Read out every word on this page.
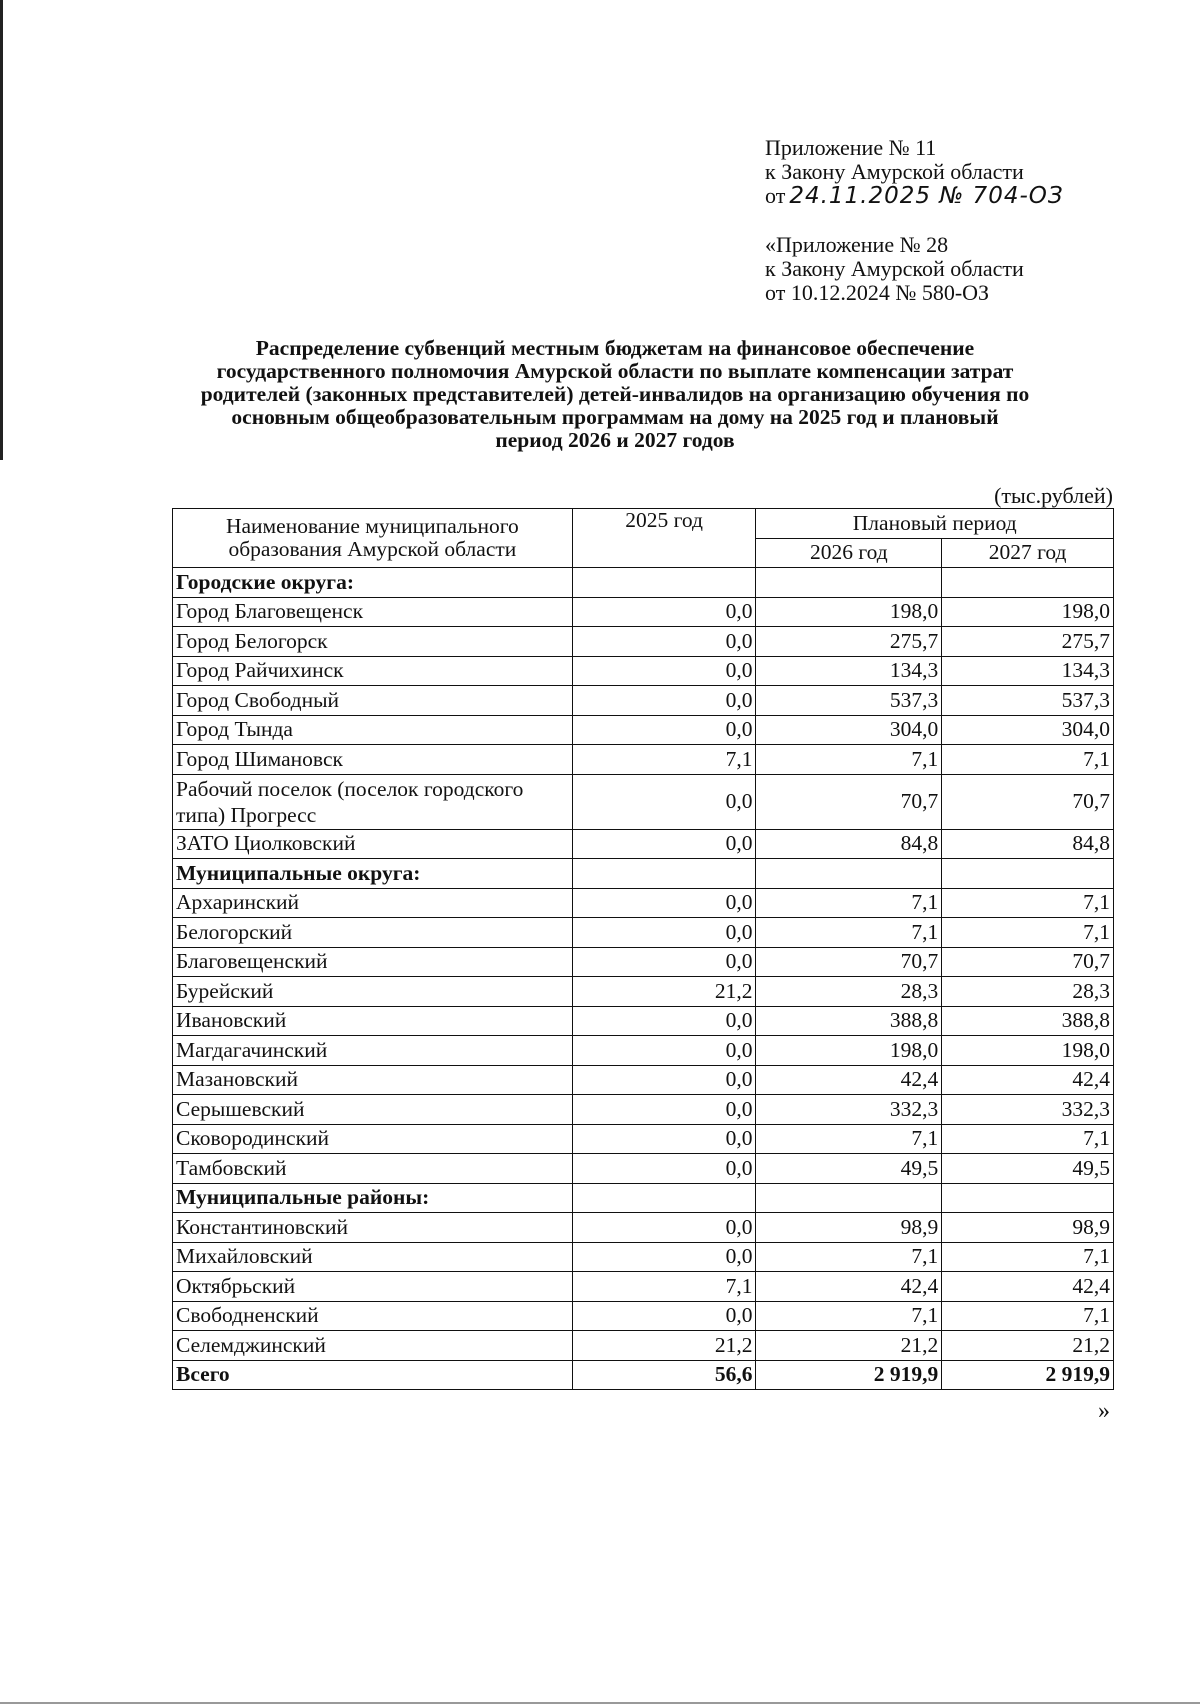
Приложение № 11
к Закону Амурской области
от 24.11.2025 № 704-ОЗ
«Приложение № 28
к Закону Амурской области
от 10.12.2024 № 580-ОЗ
Распределение субвенций местным бюджетам на финансовое обеспечение
государственного полномочия Амурской области по выплате компенсации затрат
родителей (законных представителей) детей-инвалидов на организацию обучения по
основным общеобразовательным программам на дому на 2025 год и плановый
период 2026 и 2027 годов
(тыс.рублей)
Наименование муниципального
образования Амурской области	2025 год	Плановый период	
		2026 год	2027 год
Городские округа:			
Город Благовещенск	0,0	198,0	198,0
Город Белогорск	0,0	275,7	275,7
Город Райчихинск	0,0	134,3	134,3
Город Свободный	0,0	537,3	537,3
Город Тында	0,0	304,0	304,0
Город Шимановск	7,1	7,1	7,1
Рабочий поселок (поселок городского типа) Прогресс	0,0	70,7	70,7
ЗАТО Циолковский	0,0	84,8	84,8
Муниципальные округа:			
Архаринский	0,0	7,1	7,1
Белогорский	0,0	7,1	7,1
Благовещенский	0,0	70,7	70,7
Бурейский	21,2	28,3	28,3
Ивановский	0,0	388,8	388,8
Магдагачинский	0,0	198,0	198,0
Мазановский	0,0	42,4	42,4
Серышевский	0,0	332,3	332,3
Сковородинский	0,0	7,1	7,1
Тамбовский	0,0	49,5	49,5
Муниципальные районы:			
Константиновский	0,0	98,9	98,9
Михайловский	0,0	7,1	7,1
Октябрьский	7,1	42,4	42,4
Свободненский	0,0	7,1	7,1
Селемджинский	21,2	21,2	21,2
Всего	56,6	2 919,9	2 919,9
»
